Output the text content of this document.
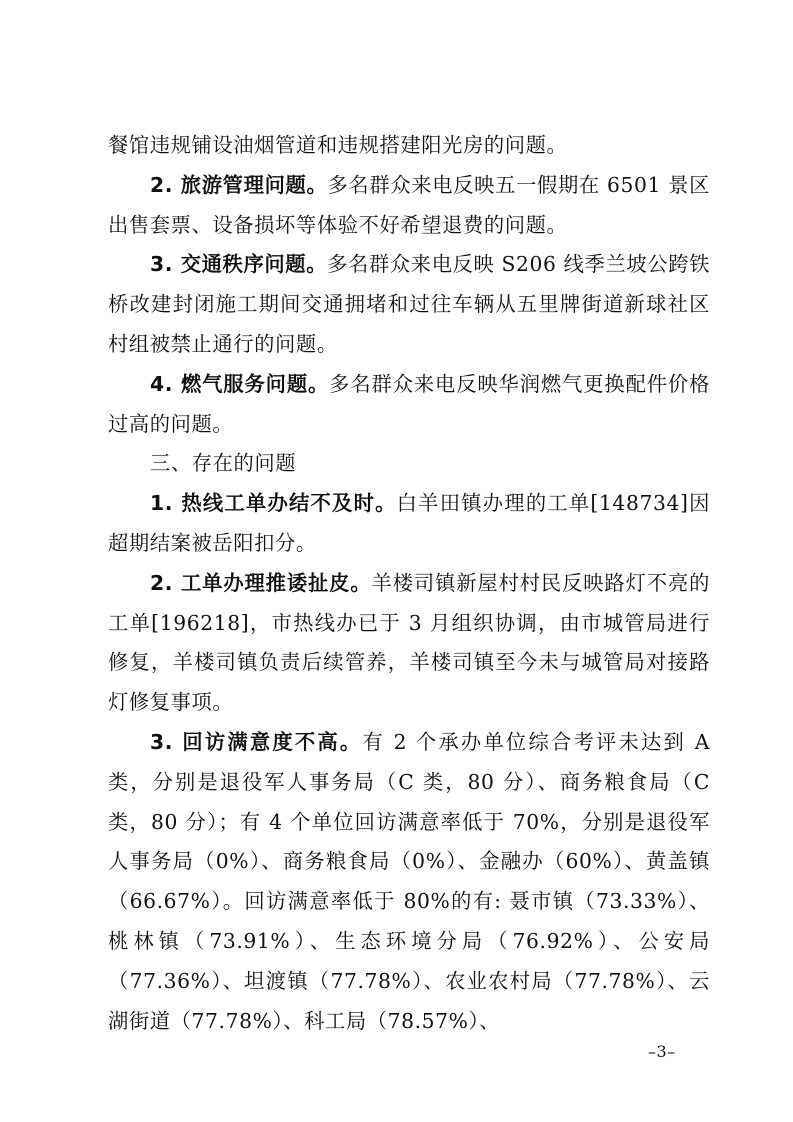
餐馆违规铺设油烟管道和违规搭建阳光房的问题。

2. 旅游管理问题。多名群众来电反映五一假期在 6501 景区出售套票、设备损坏等体验不好希望退费的问题。

3. 交通秩序问题。多名群众来电反映 S206 线季兰坡公跨铁桥改建封闭施工期间交通拥堵和过往车辆从五里牌街道新球社区村组被禁止通行的问题。

4. 燃气服务问题。多名群众来电反映华润燃气更换配件价格过高的问题。

三、存在的问题

1. 热线工单办结不及时。白羊田镇办理的工单[148734]因超期结案被岳阳扣分。

2. 工单办理推诿扯皮。羊楼司镇新屋村村民反映路灯不亮的工单[196218]，市热线办已于 3 月组织协调，由市城管局进行修复，羊楼司镇负责后续管养，羊楼司镇至今未与城管局对接路灯修复事项。

3. 回访满意度不高。有 2 个承办单位综合考评未达到 A 类，分别是退役军人事务局（C 类，80 分）、商务粮食局（C 类，80 分）；有 4 个单位回访满意率低于 70%，分别是退役军人事务局（0%）、商务粮食局（0%）、金融办（60%）、黄盖镇（66.67%）。回访满意率低于 80%的有: 聂市镇（73.33%）、桃林镇（73.91%）、生态环境分局（76.92%）、公安局（77.36%）、坦渡镇（77.78%）、农业农村局（77.78%）、云湖街道（77.78%）、科工局（78.57%）、

–3–
